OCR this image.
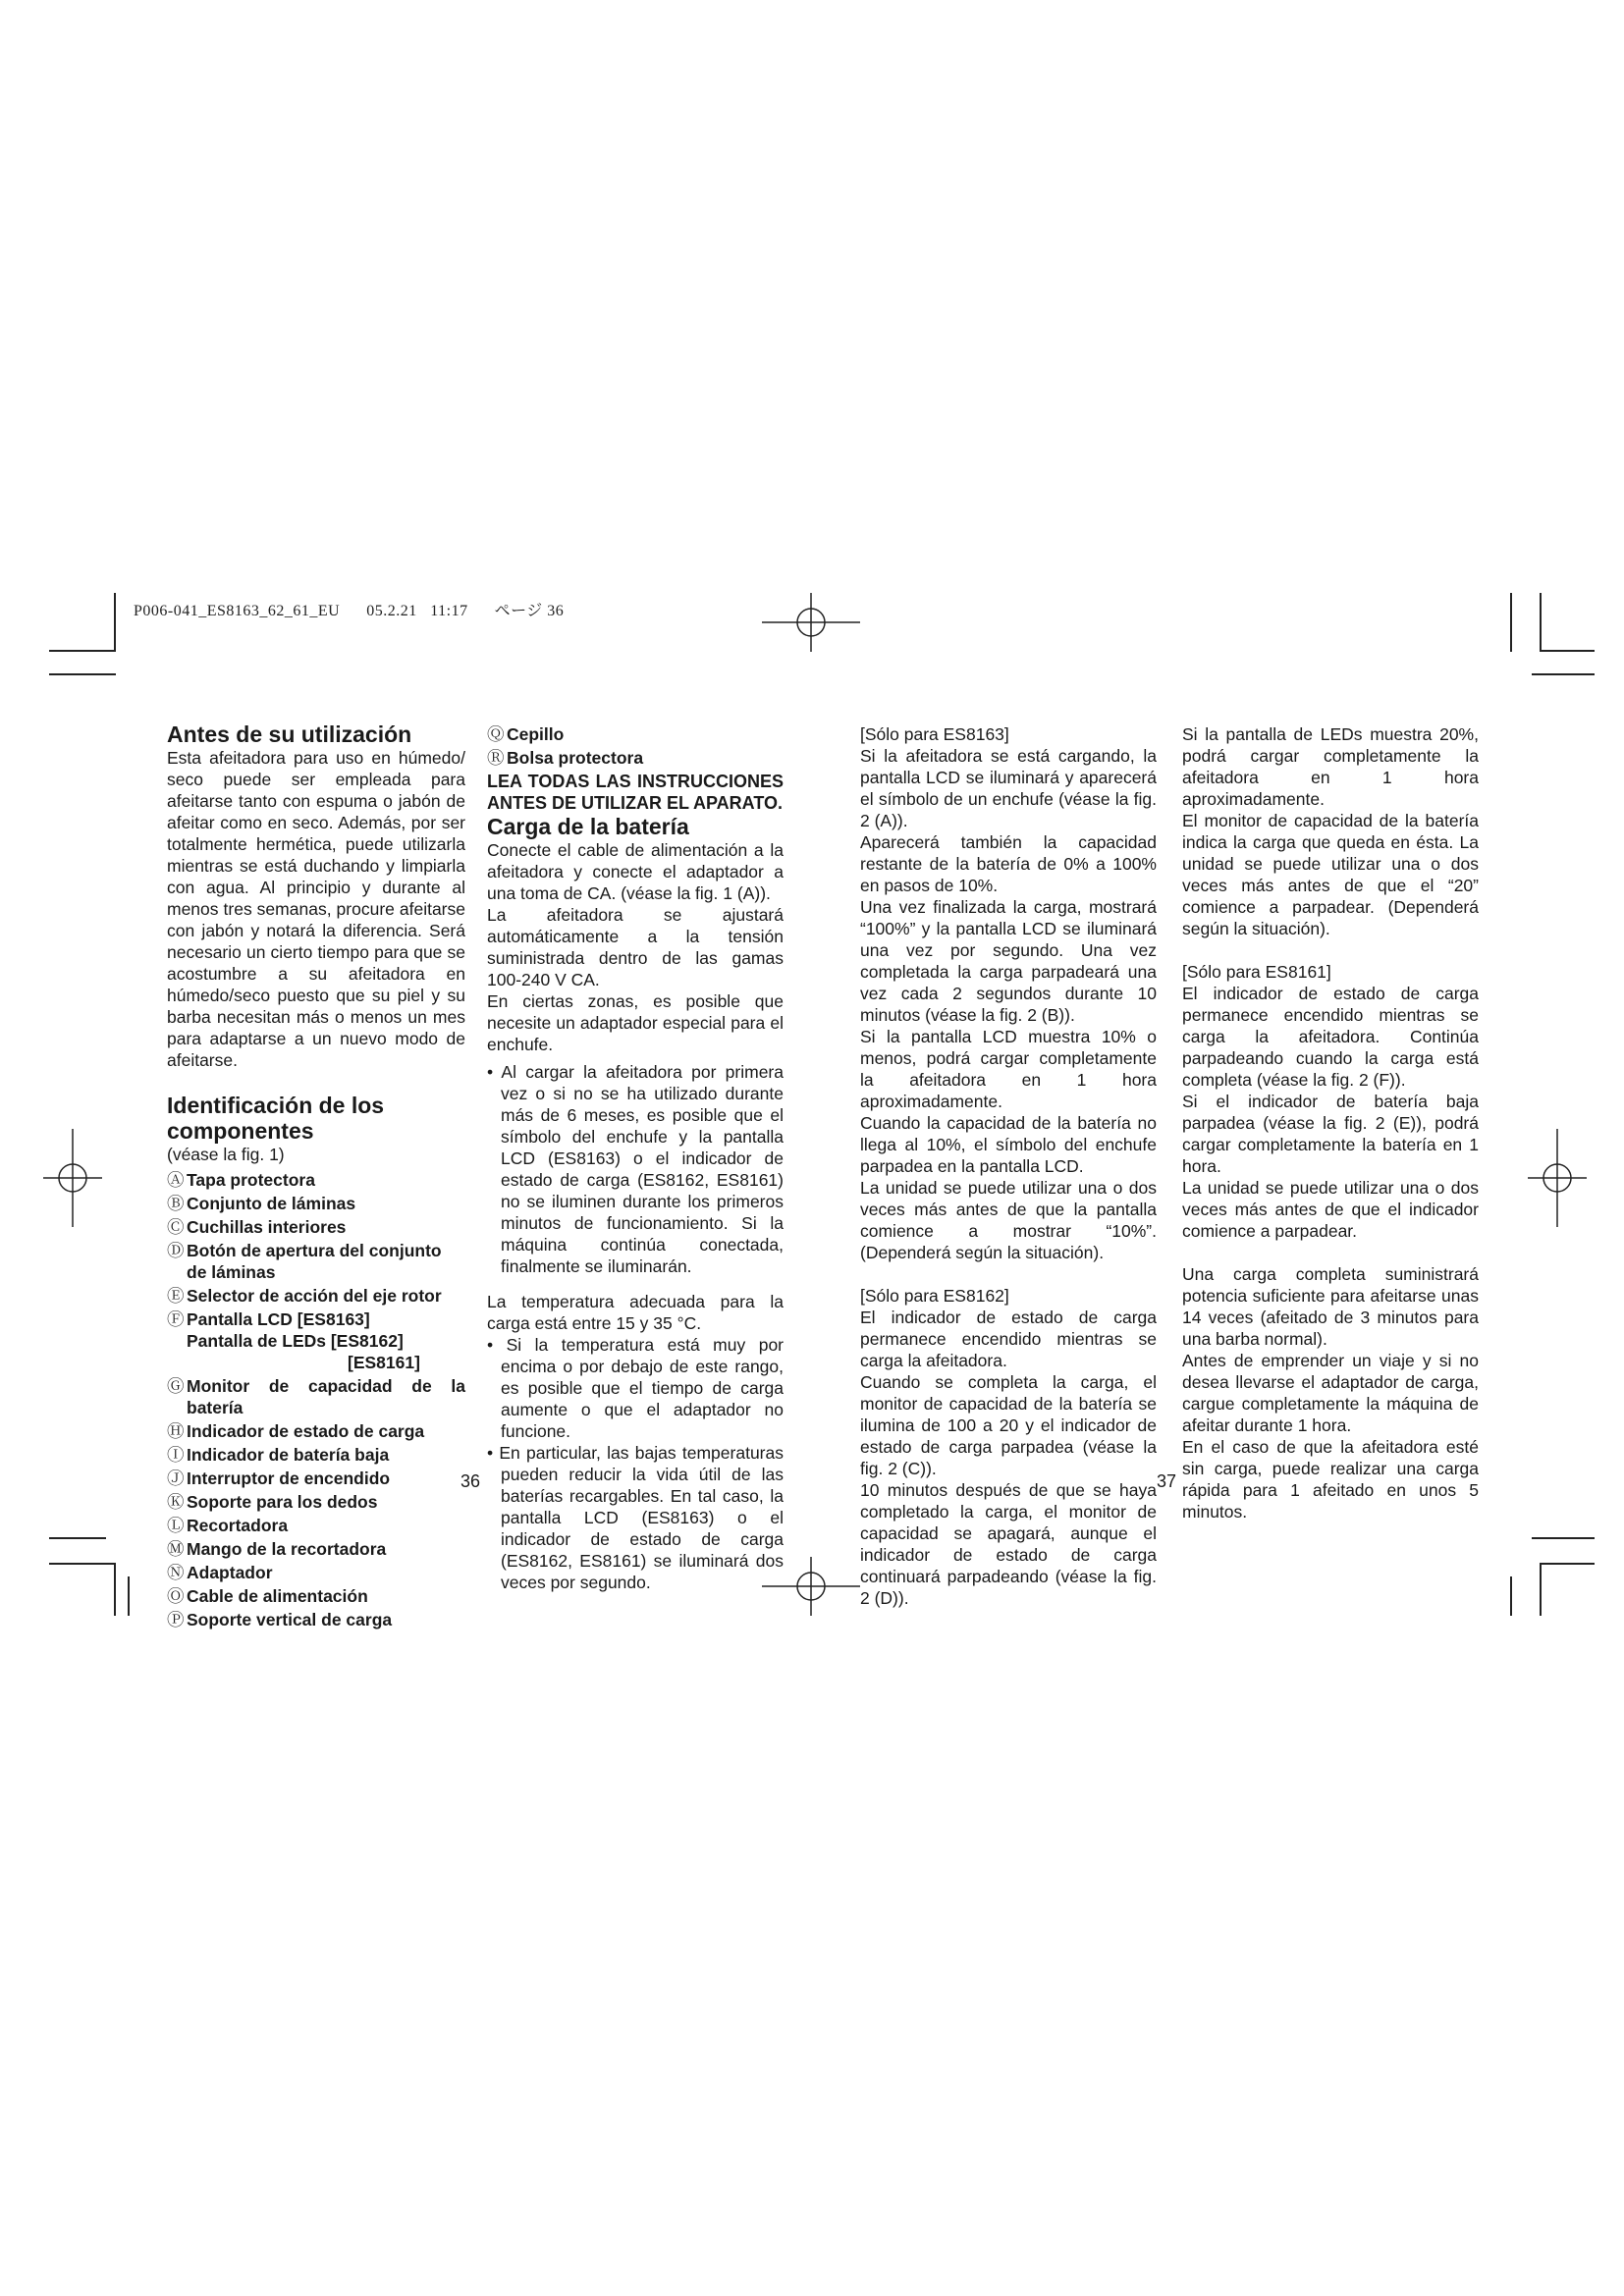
P006-041_ES8163_62_61_EU 05.2.21 11:17 ページ 36
Antes de su utilización

Esta afeitadora para uso en húmedo/ seco puede ser empleada para afeitarse tanto con espuma o jabón de afeitar como en seco. Además, por ser totalmente hermética, puede utilizarla mientras se está duchando y limpiarla con agua. Al principio y durante al menos tres semanas, procure afeitarse con jabón y notará la diferencia. Será necesario un cierto tiempo para que se acostumbre a su afeitadora en húmedo/seco puesto que su piel y su barba necesitan más o menos un mes para adaptarse a un nuevo modo de afeitarse.

Identificación de los componentes

(véase la fig. 1)

Ⓐ Tapa protectora
Ⓑ Conjunto de láminas
Ⓒ Cuchillas interiores
Ⓓ Botón de apertura del conjunto de láminas
Ⓔ Selector de acción del eje rotor
Ⓕ Pantalla LCD [ES8163]
Pantalla de LEDs [ES8162]
[ES8161]
Ⓖ Monitor de capacidad de la batería
Ⓗ Indicador de estado de carga
Ⓘ Indicador de batería baja
Ⓙ Interruptor de encendido
Ⓚ Soporte para los dedos
Ⓛ Recortadora
Ⓜ Mango de la recortadora
Ⓝ Adaptador
Ⓞ Cable de alimentación
Ⓟ Soporte vertical de carga
Ⓠ Cepillo
Ⓡ Bolsa protectora

LEA TODAS LAS INSTRUCCIONES ANTES DE UTILIZAR EL APARATO.

Carga de la batería

Conecte el cable de alimentación a la afeitadora y conecte el adaptador a una toma de CA. (véase la fig. 1 (A)).

La afeitadora se ajustará automáticamente a la tensión suministrada dentro de las gamas 100-240 V CA.

En ciertas zonas, es posible que necesite un adaptador especial para el enchufe.

• Al cargar la afeitadora por primera vez o si no se ha utilizado durante más de 6 meses, es posible que el símbolo del enchufe y la pantalla LCD (ES8163) o el indicador de estado de carga (ES8162, ES8161) no se iluminen durante los primeros minutos de funcionamiento. Si la máquina continúa conectada, finalmente se iluminarán.

La temperatura adecuada para la carga está entre 15 y 35 °C.

• Si la temperatura está muy por encima o por debajo de este rango, es posible que el tiempo de carga aumente o que el adaptador no funcione.

• En particular, las bajas temperaturas pueden reducir la vida útil de las baterías recargables. En tal caso, la pantalla LCD (ES8163) o el indicador de estado de carga (ES8162, ES8161) se iluminará dos veces por segundo.

[Sólo para ES8163]

Si la afeitadora se está cargando, la pantalla LCD se iluminará y aparecerá el símbolo de un enchufe (véase la fig. 2 (A)).

Aparecerá también la capacidad restante de la batería de 0% a 100% en pasos de 10%.

Una vez finalizada la carga, mostrará “100%” y la pantalla LCD se iluminará una vez por segundo. Una vez completada la carga parpadeará una vez cada 2 segundos durante 10 minutos (véase la fig. 2 (B)).

Si la pantalla LCD muestra 10% o menos, podrá cargar completamente la afeitadora en 1 hora aproximadamente.

Cuando la capacidad de la batería no llega al 10%, el símbolo del enchufe parpadea en la pantalla LCD.

La unidad se puede utilizar una o dos veces más antes de que la pantalla comience a mostrar “10%”. (Dependerá según la situación).

[Sólo para ES8162]

El indicador de estado de carga permanece encendido mientras se carga la afeitadora.

Cuando se completa la carga, el monitor de capacidad de la batería se ilumina de 100 a 20 y el indicador de estado de carga parpadea (véase la fig. 2 (C)).

10 minutos después de que se haya completado la carga, el monitor de capacidad se apagará, aunque el indicador de estado de carga continuará parpadeando (véase la fig. 2 (D)).

Si la pantalla de LEDs muestra 20%, podrá cargar completamente la afeitadora en 1 hora aproximadamente.

El monitor de capacidad de la batería indica la carga que queda en ésta. La unidad se puede utilizar una o dos veces más antes de que el “20” comience a parpadear. (Dependerá según la situación).

[Sólo para ES8161]

El indicador de estado de carga permanece encendido mientras se carga la afeitadora. Continúa parpadeando cuando la carga está completa (véase la fig. 2 (F)).

Si el indicador de batería baja parpadea (véase la fig. 2 (E)), podrá cargar completamente la batería en 1 hora.

La unidad se puede utilizar una o dos veces más antes de que el indicador comience a parpadear.

Una carga completa suministrará potencia suficiente para afeitarse unas 14 veces (afeitado de 3 minutos para una barba normal).

Antes de emprender un viaje y si no desea llevarse el adaptador de carga, cargue completamente la máquina de afeitar durante 1 hora.

En el caso de que la afeitadora esté sin carga, puede realizar una carga rápida para 1 afeitado en unos 5 minutos.

36	37
